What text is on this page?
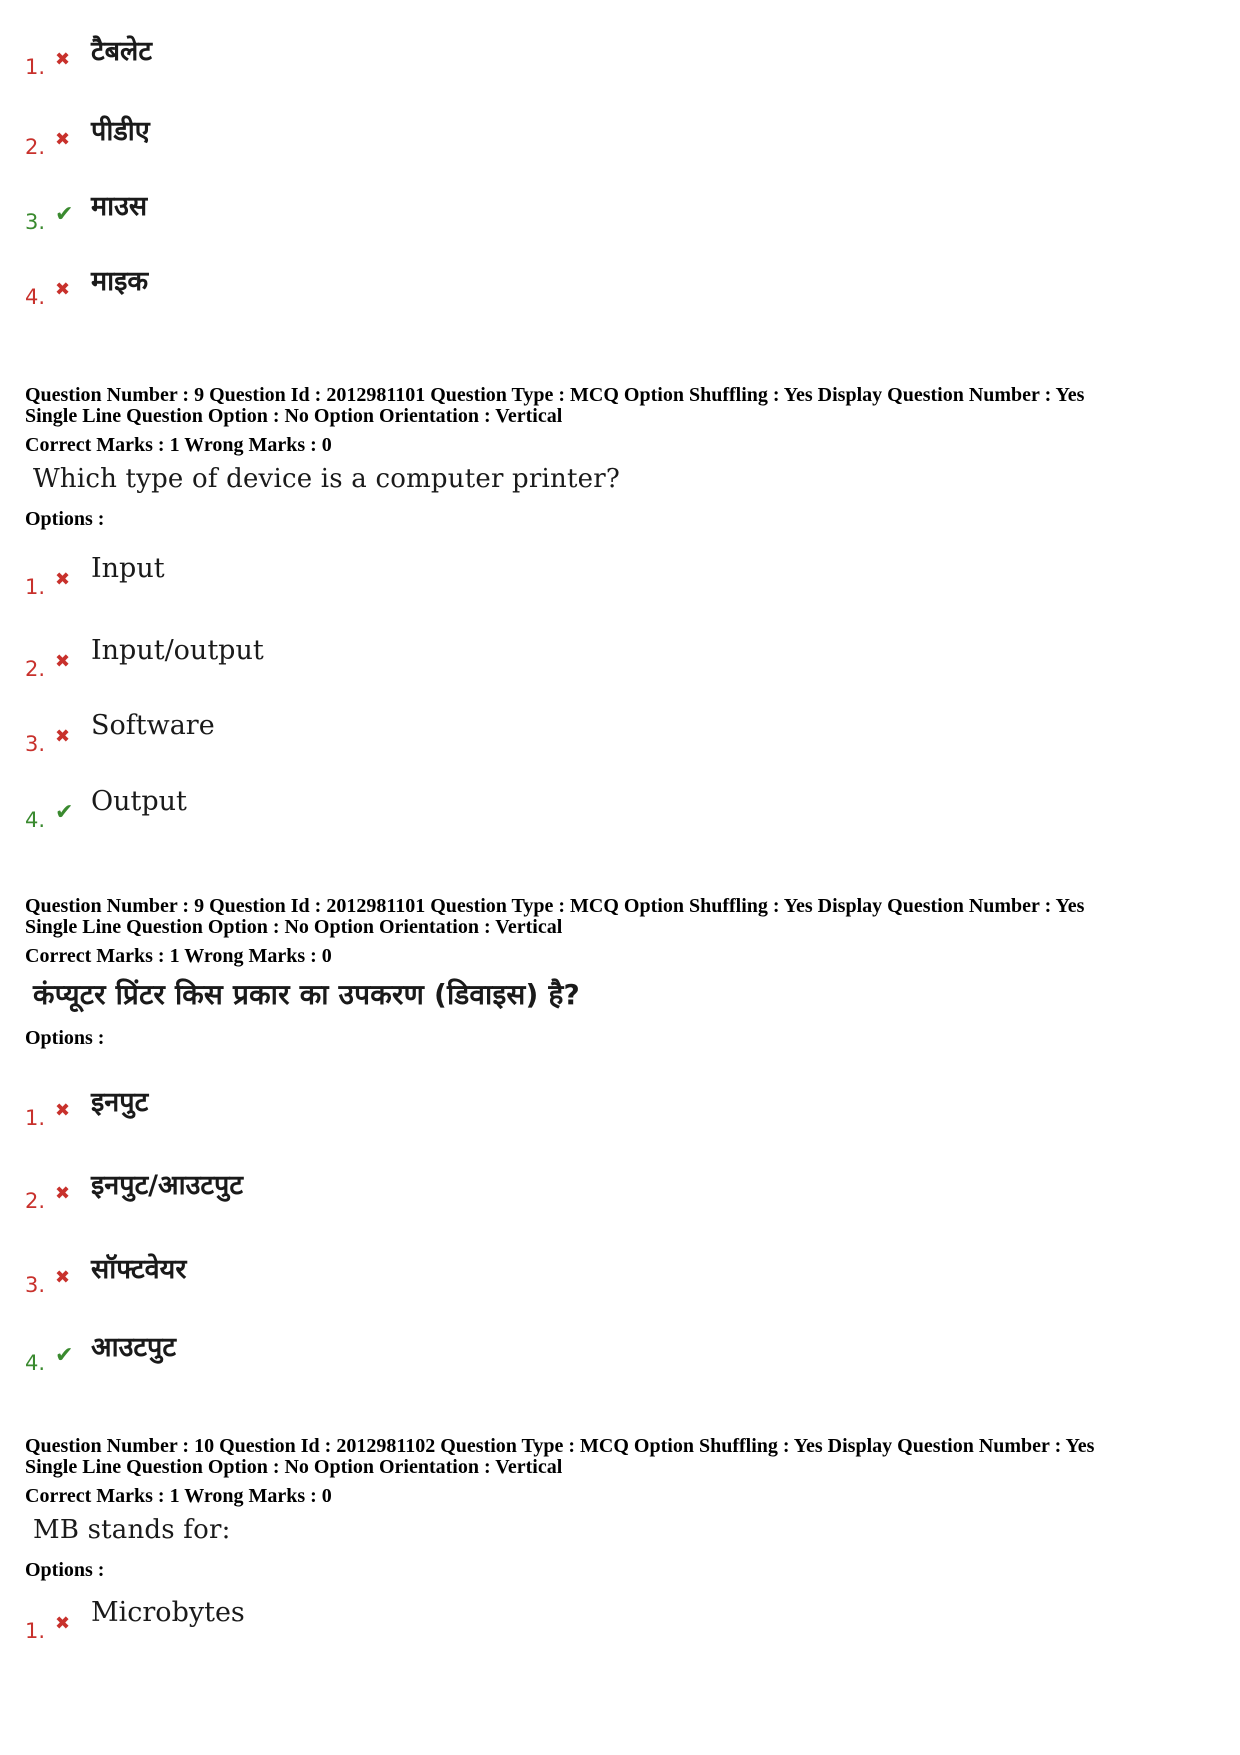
1. ✖ टैबलेट
2. ✖ पीडीए
3. ✔ माउस
4. ✖ माइक

Question Number : 9 Question Id : 2012981101 Question Type : MCQ Option Shuffling : Yes Display Question Number : Yes

Single Line Question Option : No Option Orientation : Vertical

Correct Marks : 1 Wrong Marks : 0

Which type of device is a computer printer?

Options :

1. ✖ Input
2. ✖ Input/output
3. ✖ Software
4. ✔ Output

Question Number : 9 Question Id : 2012981101 Question Type : MCQ Option Shuffling : Yes Display Question Number : Yes

Single Line Question Option : No Option Orientation : Vertical

Correct Marks : 1 Wrong Marks : 0

कंप्यूटर प्रिंटर किस प्रकार का उपकरण (डिवाइस) है?

Options :

1. ✖ इनपुट
2. ✖ इनपुट/आउटपुट
3. ✖ सॉफ्टवेयर
4. ✔ आउटपुट

Question Number : 10 Question Id : 2012981102 Question Type : MCQ Option Shuffling : Yes Display Question Number : Yes

Single Line Question Option : No Option Orientation : Vertical

Correct Marks : 1 Wrong Marks : 0

MB stands for:

Options :

1. ✖ Microbytes
